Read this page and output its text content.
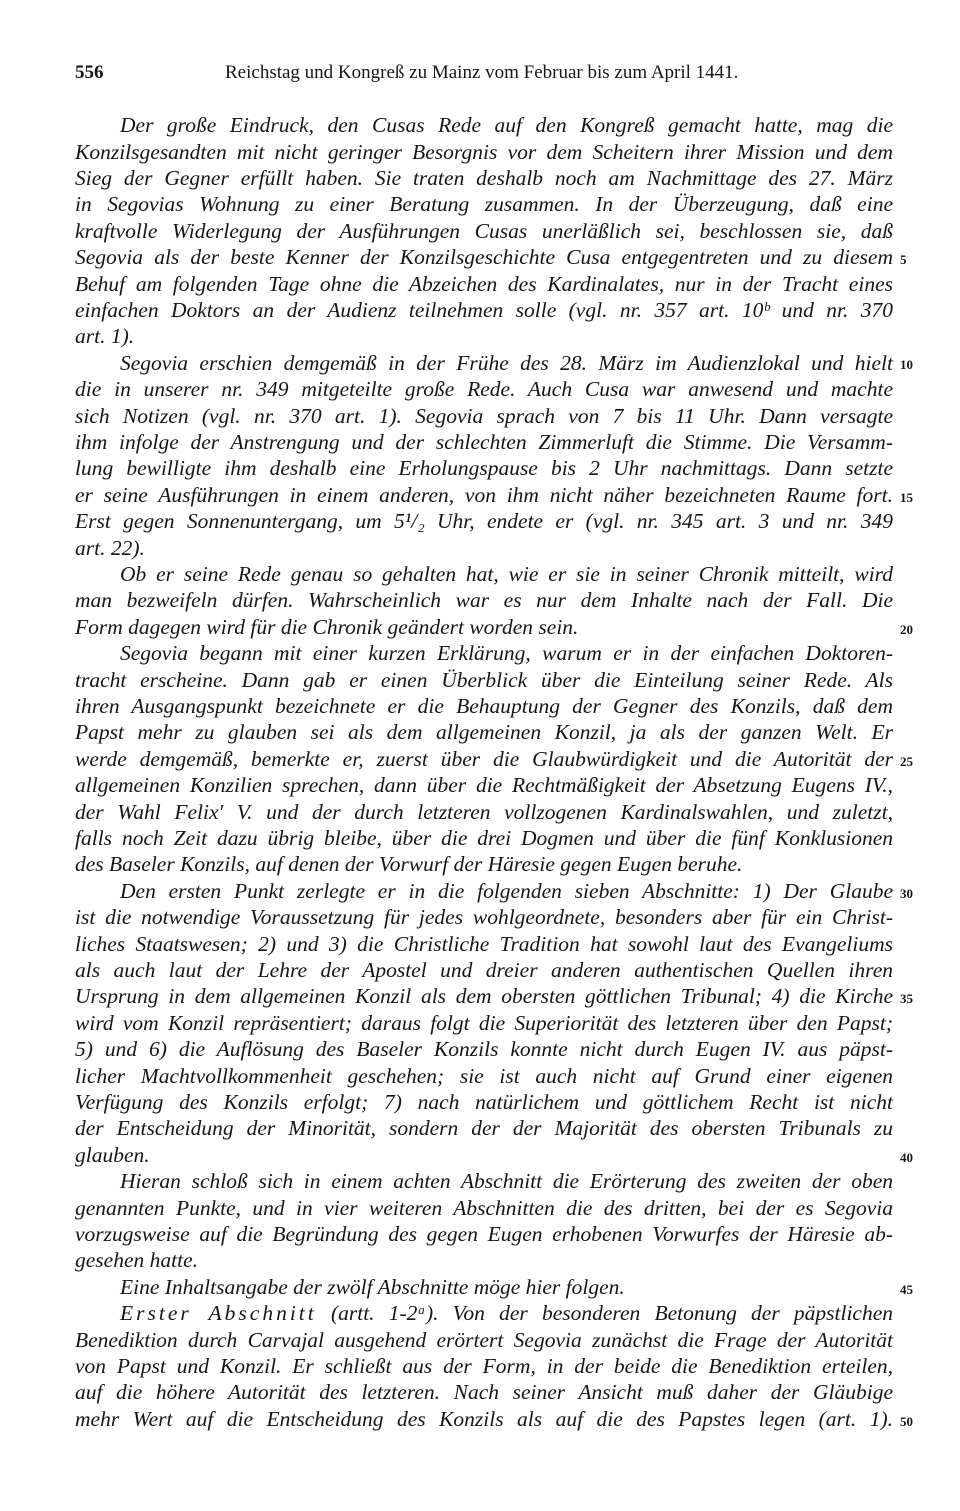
556	Reichstag und Kongreß zu Mainz vom Februar bis zum April 1441.
Der große Eindruck, den Cusas Rede auf den Kongreß gemacht hatte, mag die
Konzilsgesandten mit nicht geringer Besorgnis vor dem Scheitern ihrer Mission und dem
Sieg der Gegner erfüllt haben. Sie traten deshalb noch am Nachmittage des 27. März
in Segovias Wohnung zu einer Beratung zusammen. In der Überzeugung, daß eine
kraftvolle Widerlegung der Ausführungen Cusas unerläßlich sei, beschlossen sie, daß
Segovia als der beste Kenner der Konzilsgeschichte Cusa entgegentreten und zu diesem
Behuf am folgenden Tage ohne die Abzeichen des Kardinalates, nur in der Tracht eines
einfachen Doktors an der Audienz teilnehmen solle (vgl. nr. 357 art. 10ᵇ und nr. 370
art. 1).
Segovia erschien demgemäß in der Frühe des 28. März im Audienzlokal und hielt
die in unserer nr. 349 mitgeteilte große Rede. Auch Cusa war anwesend und machte
sich Notizen (vgl. nr. 370 art. 1). Segovia sprach von 7 bis 11 Uhr. Dann versagte
ihm infolge der Anstrengung und der schlechten Zimmerluft die Stimme. Die Versamm-
lung bewilligte ihm deshalb eine Erholungspause bis 2 Uhr nachmittags. Dann setzte
er seine Ausführungen in einem anderen, von ihm nicht näher bezeichneten Raume fort.
Erst gegen Sonnenuntergang, um 5¹/₂ Uhr, endete er (vgl. nr. 345 art. 3 und nr. 349
art. 22).
Ob er seine Rede genau so gehalten hat, wie er sie in seiner Chronik mitteilt, wird
man bezweifeln dürfen. Wahrscheinlich war es nur dem Inhalte nach der Fall. Die
Form dagegen wird für die Chronik geändert worden sein.
Segovia begann mit einer kurzen Erklärung, warum er in der einfachen Doktoren-
tracht erscheine. Dann gab er einen Überblick über die Einteilung seiner Rede. Als
ihren Ausgangspunkt bezeichnete er die Behauptung der Gegner des Konzils, daß dem
Papst mehr zu glauben sei als dem allgemeinen Konzil, ja als der ganzen Welt. Er
werde demgemäß, bemerkte er, zuerst über die Glaubwürdigkeit und die Autorität der
allgemeinen Konzilien sprechen, dann über die Rechtmäßigkeit der Absetzung Eugens IV.,
der Wahl Felix' V. und der durch letzteren vollzogenen Kardinalswahlen, und zuletzt,
falls noch Zeit dazu übrig bleibe, über die drei Dogmen und über die fünf Konklusionen
des Baseler Konzils, auf denen der Vorwurf der Häresie gegen Eugen beruhe.
Den ersten Punkt zerlegte er in die folgenden sieben Abschnitte: 1) Der Glaube
ist die notwendige Voraussetzung für jedes wohlgeordnete, besonders aber für ein Christ-
liches Staatswesen; 2) und 3) die Christliche Tradition hat sowohl laut des Evangeliums
als auch laut der Lehre der Apostel und dreier anderen authentischen Quellen ihren
Ursprung in dem allgemeinen Konzil als dem obersten göttlichen Tribunal; 4) die Kirche
wird vom Konzil repräsentiert; daraus folgt die Superiorität des letzteren über den Papst;
5) und 6) die Auflösung des Baseler Konzils konnte nicht durch Eugen IV. aus päpst-
licher Machtvollkommenheit geschehen; sie ist auch nicht auf Grund einer eigenen
Verfügung des Konzils erfolgt; 7) nach natürlichem und göttlichem Recht ist nicht
der Entscheidung der Minorität, sondern der der Majorität des obersten Tribunals zu
glauben.
Hieran schloß sich in einem achten Abschnitt die Erörterung des zweiten der oben
genannten Punkte, und in vier weiteren Abschnitten die des dritten, bei der es Segovia
vorzugsweise auf die Begründung des gegen Eugen erhobenen Vorwurfes der Häresie ab-
gesehen hatte.
Eine Inhaltsangabe der zwölf Abschnitte möge hier folgen.
Erster Abschnitt (artt. 1-2ᵃ). Von der besonderen Betonung der päpstlichen
Benediktion durch Carvajal ausgehend erörtert Segovia zunächst die Frage der Autorität
von Papst und Konzil. Er schließt aus der Form, in der beide die Benediktion erteilen,
auf die höhere Autorität des letzteren. Nach seiner Ansicht muß daher der Gläubige
mehr Wert auf die Entscheidung des Konzils als auf die des Papstes legen (art. 1).
5
10
15
20
25
30
35
40
45
50
